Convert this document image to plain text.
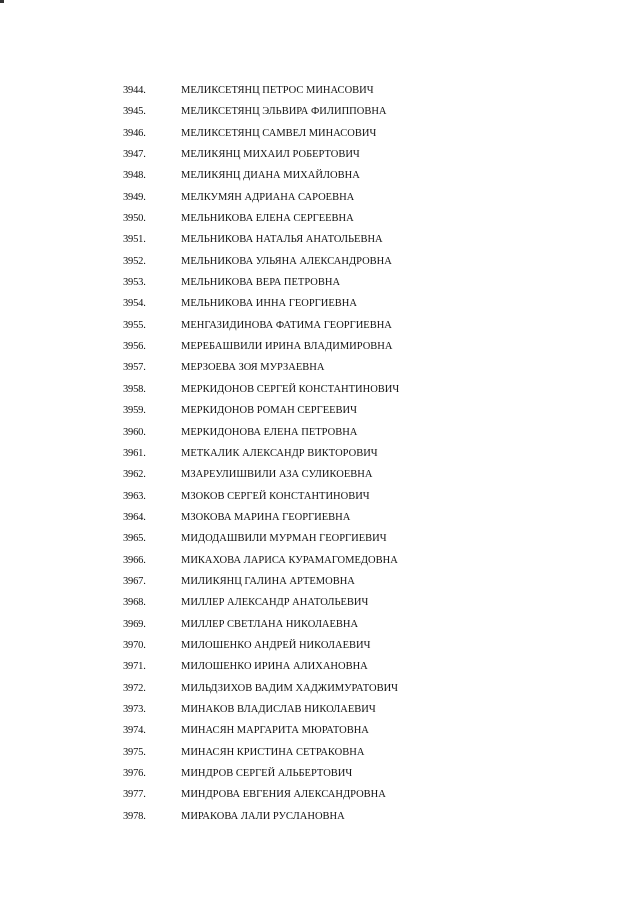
3944.	МЕЛИКСЕТЯНЦ ПЕТРОС МИНАСОВИЧ
3945.	МЕЛИКСЕТЯНЦ ЭЛЬВИРА ФИЛИППОВНА
3946.	МЕЛИКСЕТЯНЦ САМВЕЛ МИНАСОВИЧ
3947.	МЕЛИКЯНЦ МИХАИЛ РОБЕРТОВИЧ
3948.	МЕЛИКЯНЦ ДИАНА МИХАЙЛОВНА
3949.	МЕЛКУМЯН АДРИАНА САРОЕВНА
3950.	МЕЛЬНИКОВА ЕЛЕНА СЕРГЕЕВНА
3951.	МЕЛЬНИКОВА НАТАЛЬЯ АНАТОЛЬЕВНА
3952.	МЕЛЬНИКОВА УЛЬЯНА АЛЕКСАНДРОВНА
3953.	МЕЛЬНИКОВА ВЕРА ПЕТРОВНА
3954.	МЕЛЬНИКОВА ИННА ГЕОРГИЕВНА
3955.	МЕНГАЗИДИНОВА ФАТИМА ГЕОРГИЕВНА
3956.	МЕРЕБАШВИЛИ ИРИНА ВЛАДИМИРОВНА
3957.	МЕРЗОЕВА ЗОЯ МУРЗАЕВНА
3958.	МЕРКИДОНОВ СЕРГЕЙ КОНСТАНТИНОВИЧ
3959.	МЕРКИДОНОВ РОМАН СЕРГЕЕВИЧ
3960.	МЕРКИДОНОВА ЕЛЕНА ПЕТРОВНА
3961.	МЕТКАЛИК АЛЕКСАНДР ВИКТОРОВИЧ
3962.	МЗАРЕУЛИШВИЛИ АЗА СУЛИКОЕВНА
3963.	МЗОКОВ СЕРГЕЙ КОНСТАНТИНОВИЧ
3964.	МЗОКОВА МАРИНА ГЕОРГИЕВНА
3965.	МИДОДАШВИЛИ МУРМАН ГЕОРГИЕВИЧ
3966.	МИКАХОВА ЛАРИСА КУРАМАГОМЕДОВНА
3967.	МИЛИКЯНЦ ГАЛИНА АРТЕМОВНА
3968.	МИЛЛЕР АЛЕКСАНДР АНАТОЛЬЕВИЧ
3969.	МИЛЛЕР СВЕТЛАНА НИКОЛАЕВНА
3970.	МИЛОШЕНКО АНДРЕЙ НИКОЛАЕВИЧ
3971.	МИЛОШЕНКО ИРИНА АЛИХАНОВНА
3972.	МИЛЬДЗИХОВ ВАДИМ ХАДЖИМУРАТОВИЧ
3973.	МИНАКОВ ВЛАДИСЛАВ НИКОЛАЕВИЧ
3974.	МИНАСЯН МАРГАРИТА МЮРАТОВНА
3975.	МИНАСЯН КРИСТИНА СЕТРАКОВНА
3976.	МИНДРОВ СЕРГЕЙ АЛЬБЕРТОВИЧ
3977.	МИНДРОВА ЕВГЕНИЯ АЛЕКСАНДРОВНА
3978.	МИРАКОВА ЛАЛИ РУСЛАНОВНА
